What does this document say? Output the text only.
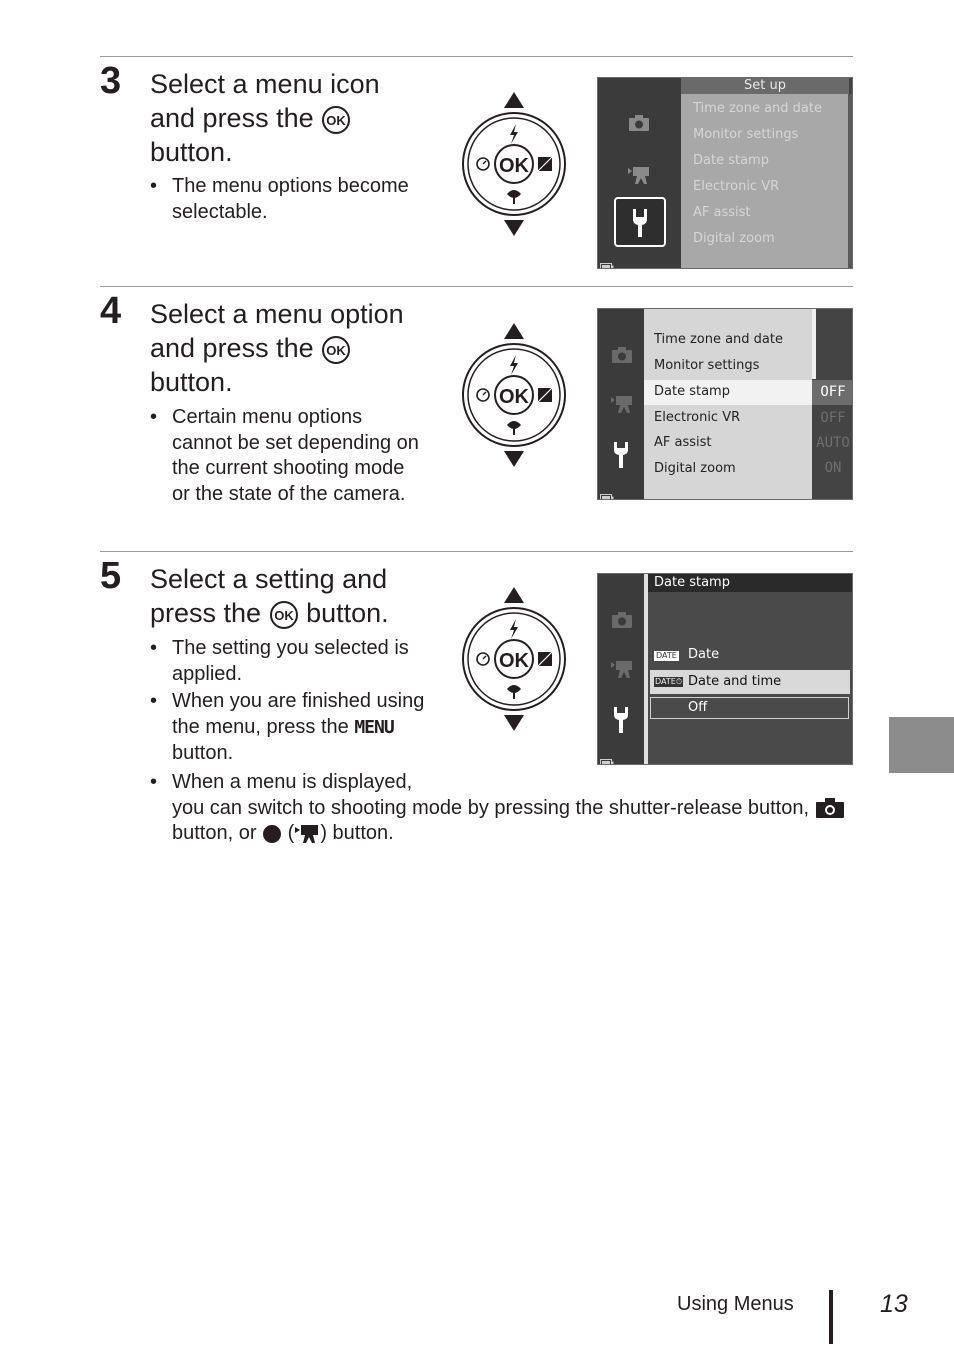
3 Select a menu icon
and press the OK
button.
• The menu options become selectable.
OK
Set up
Time zone and date
Monitor settings
Date stamp
Electronic VR
AF assist
Digital zoom
4 Select a menu option
and press the OK
button.
• Certain menu options cannot be set depending on the current shooting mode or the state of the camera.
OK
Time zone and date
Monitor settings
Date stamp
Electronic VR
AF assist
Digital zoom
OFF
OFF
AUTO
ON
5 Select a setting and
press the OK button.
• The setting you selected is applied.
• When you are finished using the menu, press the MENU button.
• When a menu is displayed,
you can switch to shooting mode by pressing the shutter-release button,
button, or ( ) button.
OK
Date stamp
DATE Date
DATE⏱ Date and time
Off
Using Menus	13
